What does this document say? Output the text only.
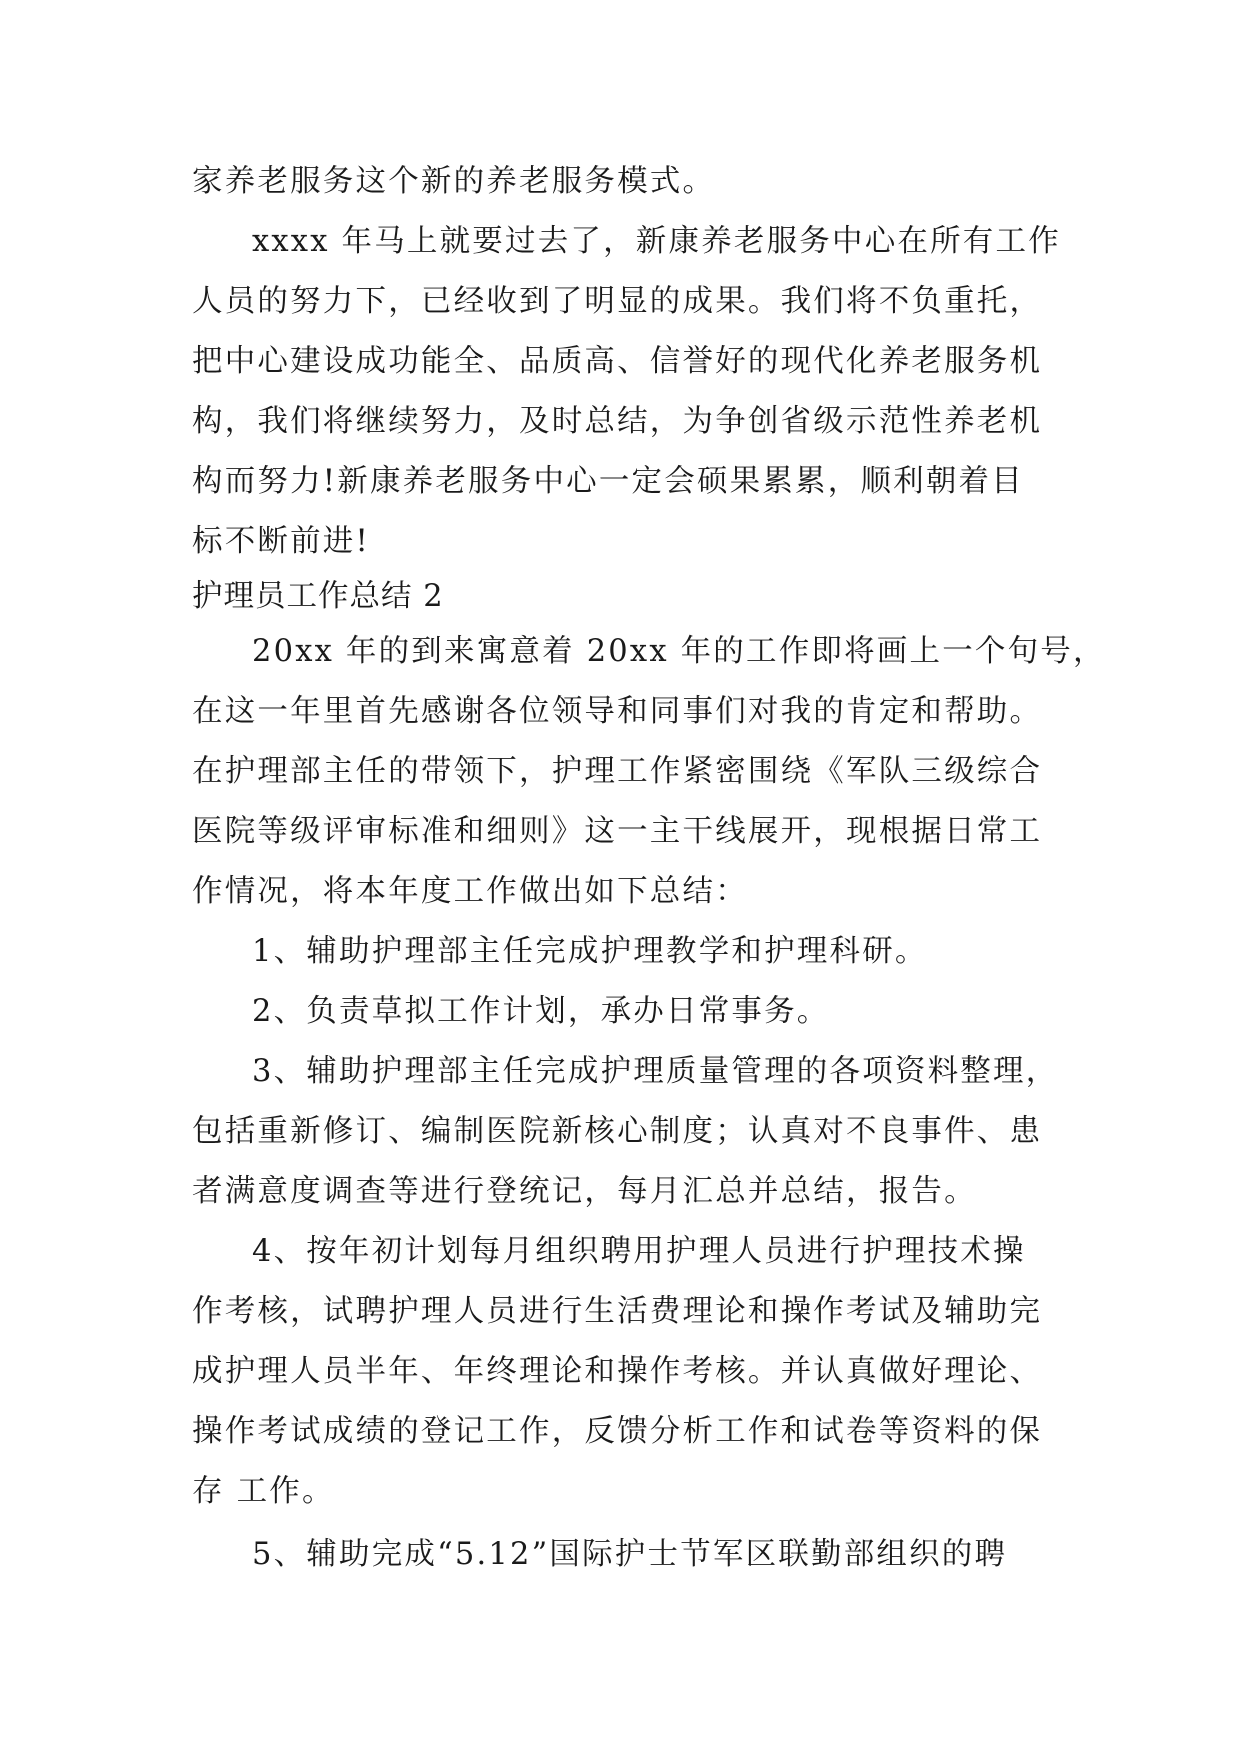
家养老服务这个新的养老服务模式。
xxxx 年马上就要过去了，新康养老服务中心在所有工作
人员的努力下，已经收到了明显的成果。我们将不负重托，
把中心建设成功能全、品质高、信誉好的现代化养老服务机
构，我们将继续努力，及时总结，为争创省级示范性养老机
构而努力!新康养老服务中心一定会硕果累累，顺利朝着目
标不断前进!
护理员工作总结 2
20xx 年的到来寓意着 20xx 年的工作即将画上一个句号，
在这一年里首先感谢各位领导和同事们对我的肯定和帮助。
在护理部主任的带领下，护理工作紧密围绕《军队三级综合
医院等级评审标准和细则》这一主干线展开，现根据日常工
作情况，将本年度工作做出如下总结：
1、辅助护理部主任完成护理教学和护理科研。
2、负责草拟工作计划，承办日常事务。
3、辅助护理部主任完成护理质量管理的各项资料整理，
包括重新修订、编制医院新核心制度；认真对不良事件、患
者满意度调查等进行登统记，每月汇总并总结，报告。
4、按年初计划每月组织聘用护理人员进行护理技术操
作考核，试聘护理人员进行生活费理论和操作考试及辅助完
成护理人员半年、年终理论和操作考核。并认真做好理论、
操作考试成绩的登记工作，反馈分析工作和试卷等资料的保
存 工作。
5、辅助完成“5.12”国际护士节军区联勤部组织的聘
